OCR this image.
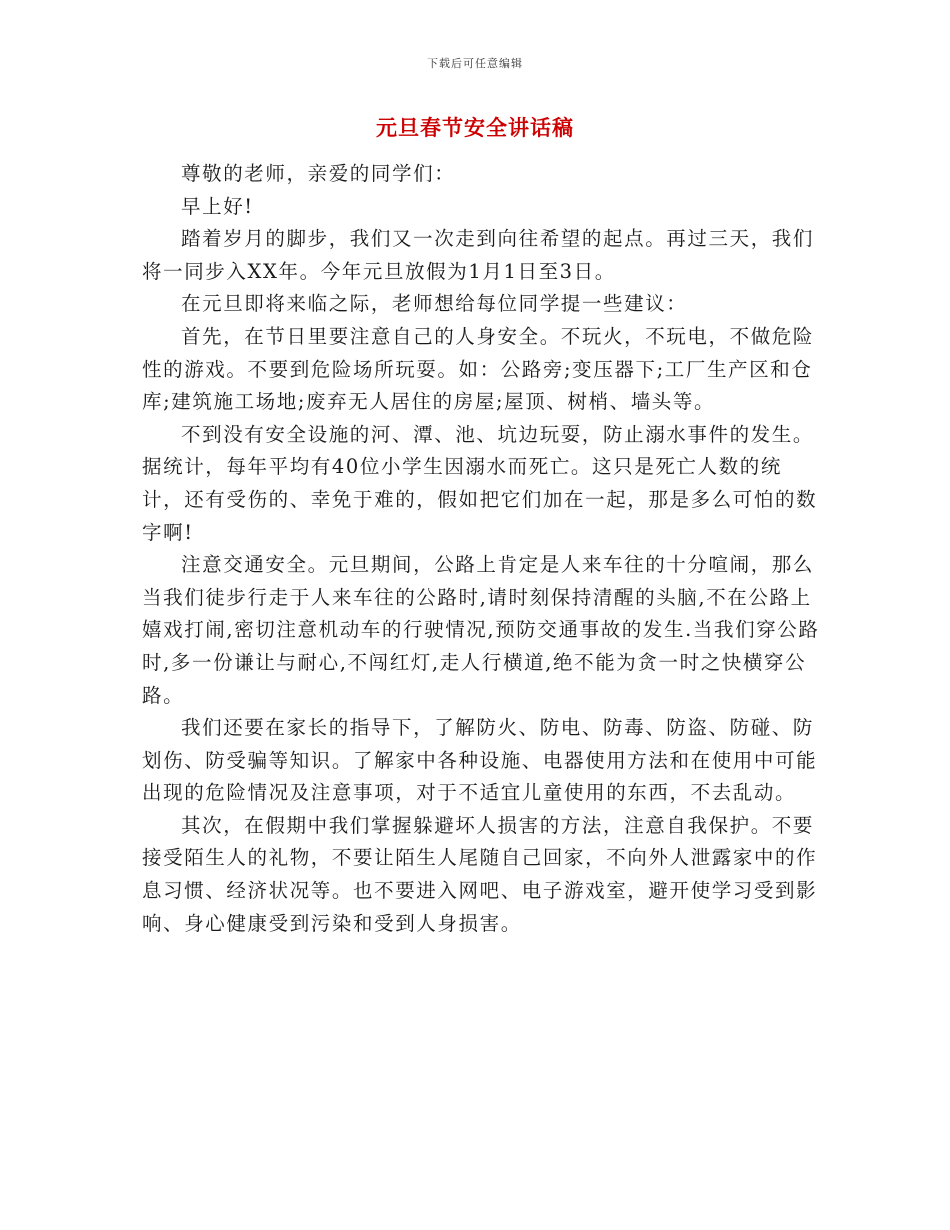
下载后可任意编辑
元旦春节安全讲话稿

尊敬的老师，亲爱的同学们：

早上好!

踏着岁月的脚步，我们又一次走到向往希望的起点。再过三天，我们将一同步入XX年。今年元旦放假为1月1日至3日。

在元旦即将来临之际，老师想给每位同学提一些建议：

首先，在节日里要注意自己的人身安全。不玩火，不玩电，不做危险性的游戏。不要到危险场所玩耍。如：公路旁;变压器下;工厂生产区和仓库;建筑施工场地;废弃无人居住的房屋;屋顶、树梢、墙头等。

不到没有安全设施的河、潭、池、坑边玩耍，防止溺水事件的发生。据统计，每年平均有40位小学生因溺水而死亡。这只是死亡人数的统计，还有受伤的、幸免于难的，假如把它们加在一起，那是多么可怕的数字啊!

注意交通安全。元旦期间，公路上肯定是人来车往的十分喧闹，那么当我们徒步行走于人来车往的公路时,请时刻保持清醒的头脑,不在公路上嬉戏打闹,密切注意机动车的行驶情况,预防交通事故的发生.当我们穿公路时,多一份谦让与耐心,不闯红灯,走人行横道,绝不能为贪一时之快横穿公路。

我们还要在家长的指导下，了解防火、防电、防毒、防盗、防碰、防划伤、防受骗等知识。了解家中各种设施、电器使用方法和在使用中可能出现的危险情况及注意事项，对于不适宜儿童使用的东西，不去乱动。

其次，在假期中我们掌握躲避坏人损害的方法，注意自我保护。不要接受陌生人的礼物，不要让陌生人尾随自己回家，不向外人泄露家中的作息习惯、经济状况等。也不要进入网吧、电子游戏室，避开使学习受到影响、身心健康受到污染和受到人身损害。
